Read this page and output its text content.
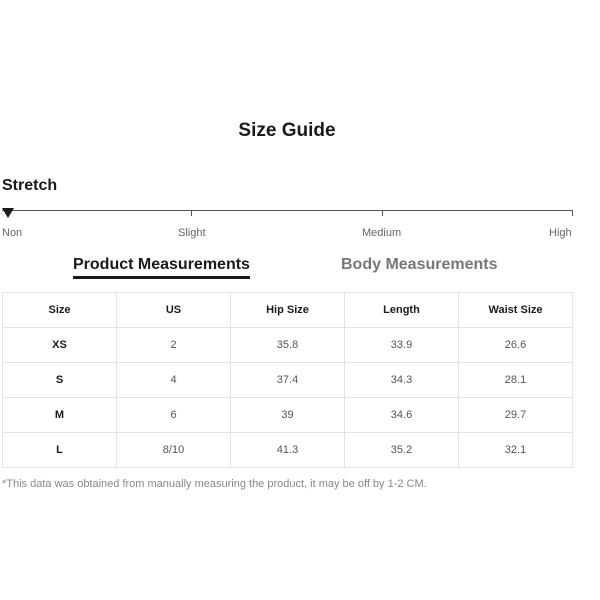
Size Guide
Stretch
Non	Slight	Medium	High
Product Measurements	Body Measurements
Size	US	Hip Size	Length	Waist Size
XS	2	35.8	33.9	26.6
S	4	37.4	34.3	28.1
M	6	39	34.6	29.7
L	8/10	41.3	35.2	32.1
*This data was obtained from manually measuring the product, it may be off by 1-2 CM.
